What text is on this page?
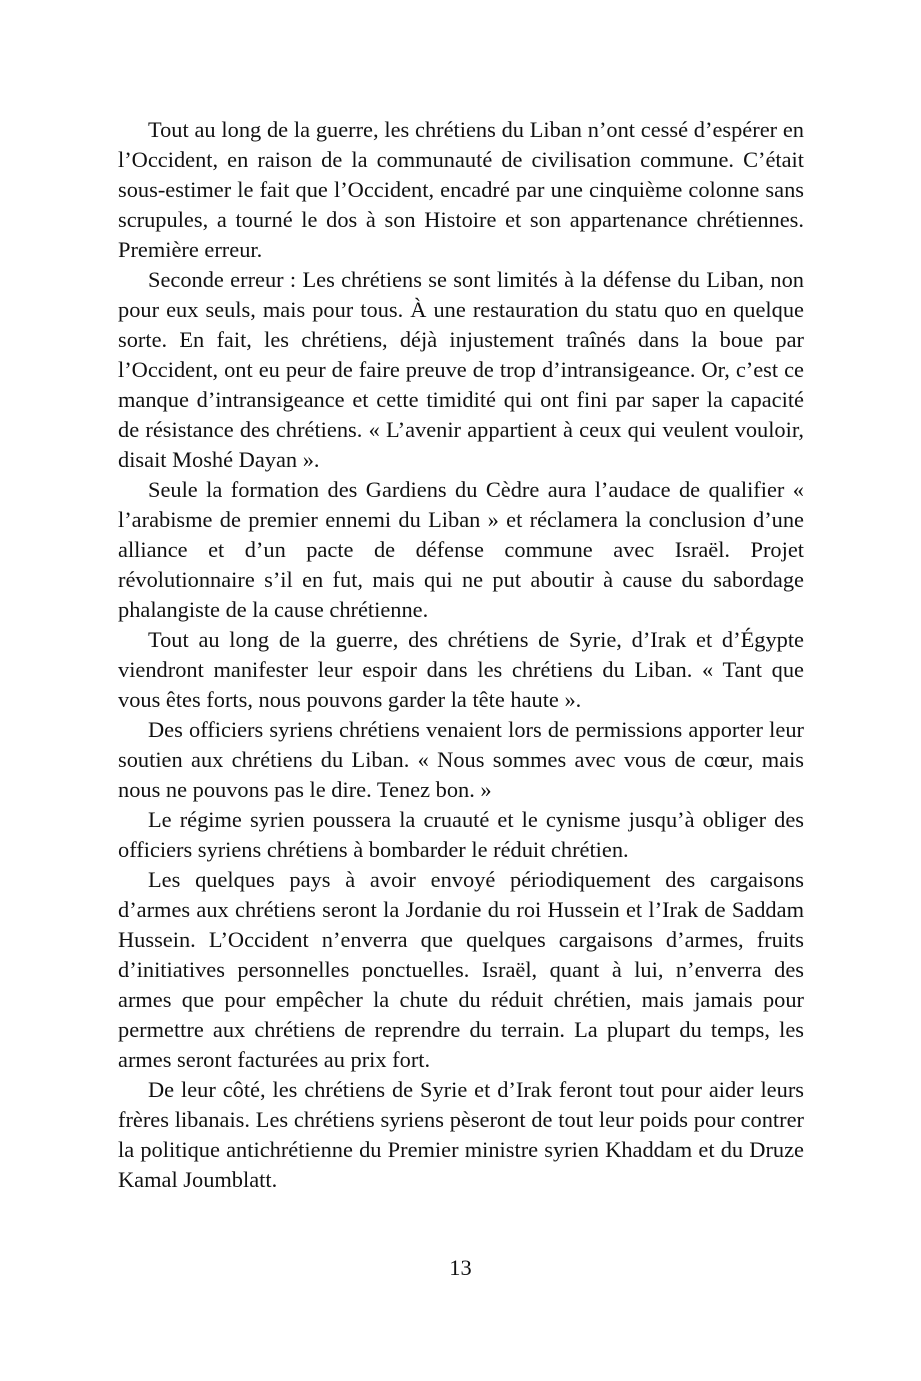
Tout au long de la guerre, les chrétiens du Liban n’ont cessé d’espérer en l’Occident, en raison de la communauté de civilisation commune. C’était sous-estimer le fait que l’Occident, encadré par une cinquième colonne sans scrupules, a tourné le dos à son Histoire et son appartenance chrétiennes. Première erreur.

Seconde erreur : Les chrétiens se sont limités à la défense du Liban, non pour eux seuls, mais pour tous. À une restauration du statu quo en quelque sorte. En fait, les chrétiens, déjà injustement traînés dans la boue par l’Occident, ont eu peur de faire preuve de trop d’intransigeance. Or, c’est ce manque d’intransigeance et cette timidité qui ont fini par saper la capacité de résistance des chrétiens. « L’avenir appartient à ceux qui veulent vouloir, disait Moshé Dayan ».

Seule la formation des Gardiens du Cèdre aura l’audace de qualifier « l’arabisme de premier ennemi du Liban » et réclamera la conclusion d’une alliance et d’un pacte de défense commune avec Israël. Projet révolutionnaire s’il en fut, mais qui ne put aboutir à cause du sabordage phalangiste de la cause chrétienne.

Tout au long de la guerre, des chrétiens de Syrie, d’Irak et d’Égypte viendront manifester leur espoir dans les chrétiens du Liban. « Tant que vous êtes forts, nous pouvons garder la tête haute ».

Des officiers syriens chrétiens venaient lors de permissions apporter leur soutien aux chrétiens du Liban. « Nous sommes avec vous de cœur, mais nous ne pouvons pas le dire. Tenez bon. »

Le régime syrien poussera la cruauté et le cynisme jusqu’à obliger des officiers syriens chrétiens à bombarder le réduit chrétien.

Les quelques pays à avoir envoyé périodiquement des cargaisons d’armes aux chrétiens seront la Jordanie du roi Hussein et l’Irak de Saddam Hussein. L’Occident n’enverra que quelques cargaisons d’armes, fruits d’initiatives personnelles ponctuelles. Israël, quant à lui, n’enverra des armes que pour empêcher la chute du réduit chrétien, mais jamais pour permettre aux chrétiens de reprendre du terrain. La plupart du temps, les armes seront facturées au prix fort.

De leur côté, les chrétiens de Syrie et d’Irak feront tout pour aider leurs frères libanais. Les chrétiens syriens pèseront de tout leur poids pour contrer la politique antichrétienne du Premier ministre syrien Khaddam et du Druze Kamal Joumblatt.

13
